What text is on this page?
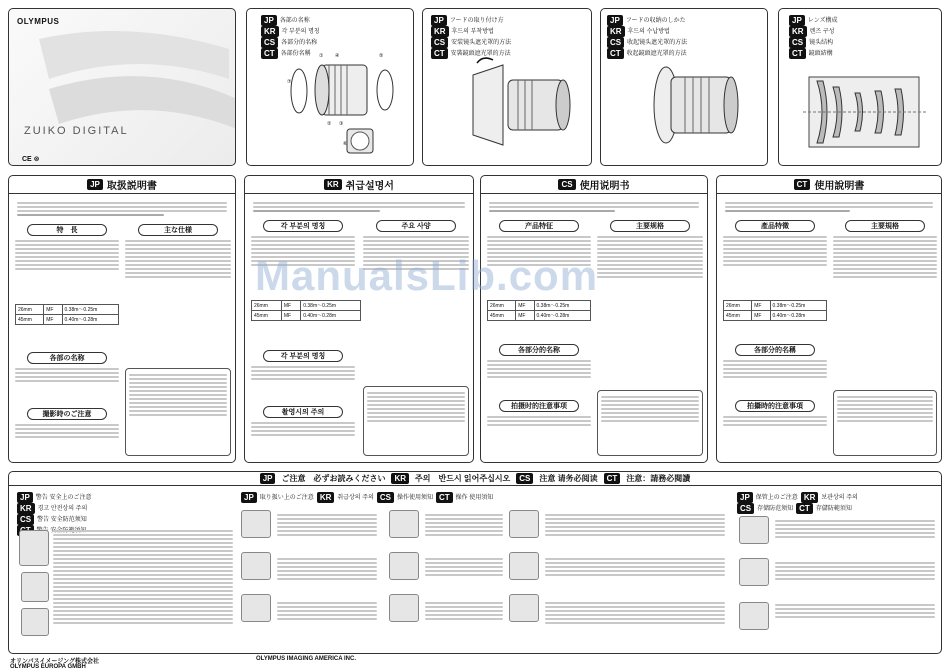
OLYMPUS
ZUIKO DIGITAL
CE ⊗
JP	各部の名称
KR	각 부분의 명칭
CS	各部分的名称
CT	各部份名稱
⑦
① ④	⑤
② ③
⑥
JP	フードの取り付け方
KR	후드의 부착방법
CS	安装镜头遮光罩的方法
CT	安裝鏡頭遮光罩的方法
JP	フードの収納のしかた
KR	후드의 수납방법
CS	收起镜头遮光罩的方法
CT	收起鏡頭遮光罩的方法
JP	レンズ構成
KR	렌즈 구성
CS	镜头结构
CT	鏡頭結構
JP 取扱説明書
特　長	主な仕様
26mm	MF	0.38m～0.25m
45mm	MF	0.40m～0.28m
各部の名称
撮影時のご注意
KR 취급설명서
각 부분의 명칭	주요 사양
26mm	MF	0.38m～0.25m
45mm	MF	0.40m～0.28m
각 부분의 명칭
촬영시의 주의
CS 使用说明书
产品特征	主要规格
26mm	MF	0.38m～0.25m
45mm	MF	0.40m～0.28m
各部分的名称
拍摄时的注意事项
CT 使用說明書
產品特徵	主要規格
26mm	MF	0.38m～0.25m
45mm	MF	0.40m～0.28m
各部分的名稱
拍攝時的注意事項
ManualsLib.com
JP	ご注意　必ずお読みください	KR	주의　반드시 읽어주십시오	CS	注意 请务必阅读	CT	注意：請務必閱讀
JP	警告 安全上のご注意
KR	경고 안전상의 주의
CS	警告 安全防范须知
JP	取り扱い上のご注意 KR	취급상의 주의 CS	操作使用须知 CT	操作 使用須知	JP	保管上のご注意 KR	보관상의 주의
CS	存储防范须知 CT	存儲防範須知
オリンパスイメージング株式会社	OLYMPUS IMAGING AMERICA INC.
OLYMPUS EUROPA GMBH
